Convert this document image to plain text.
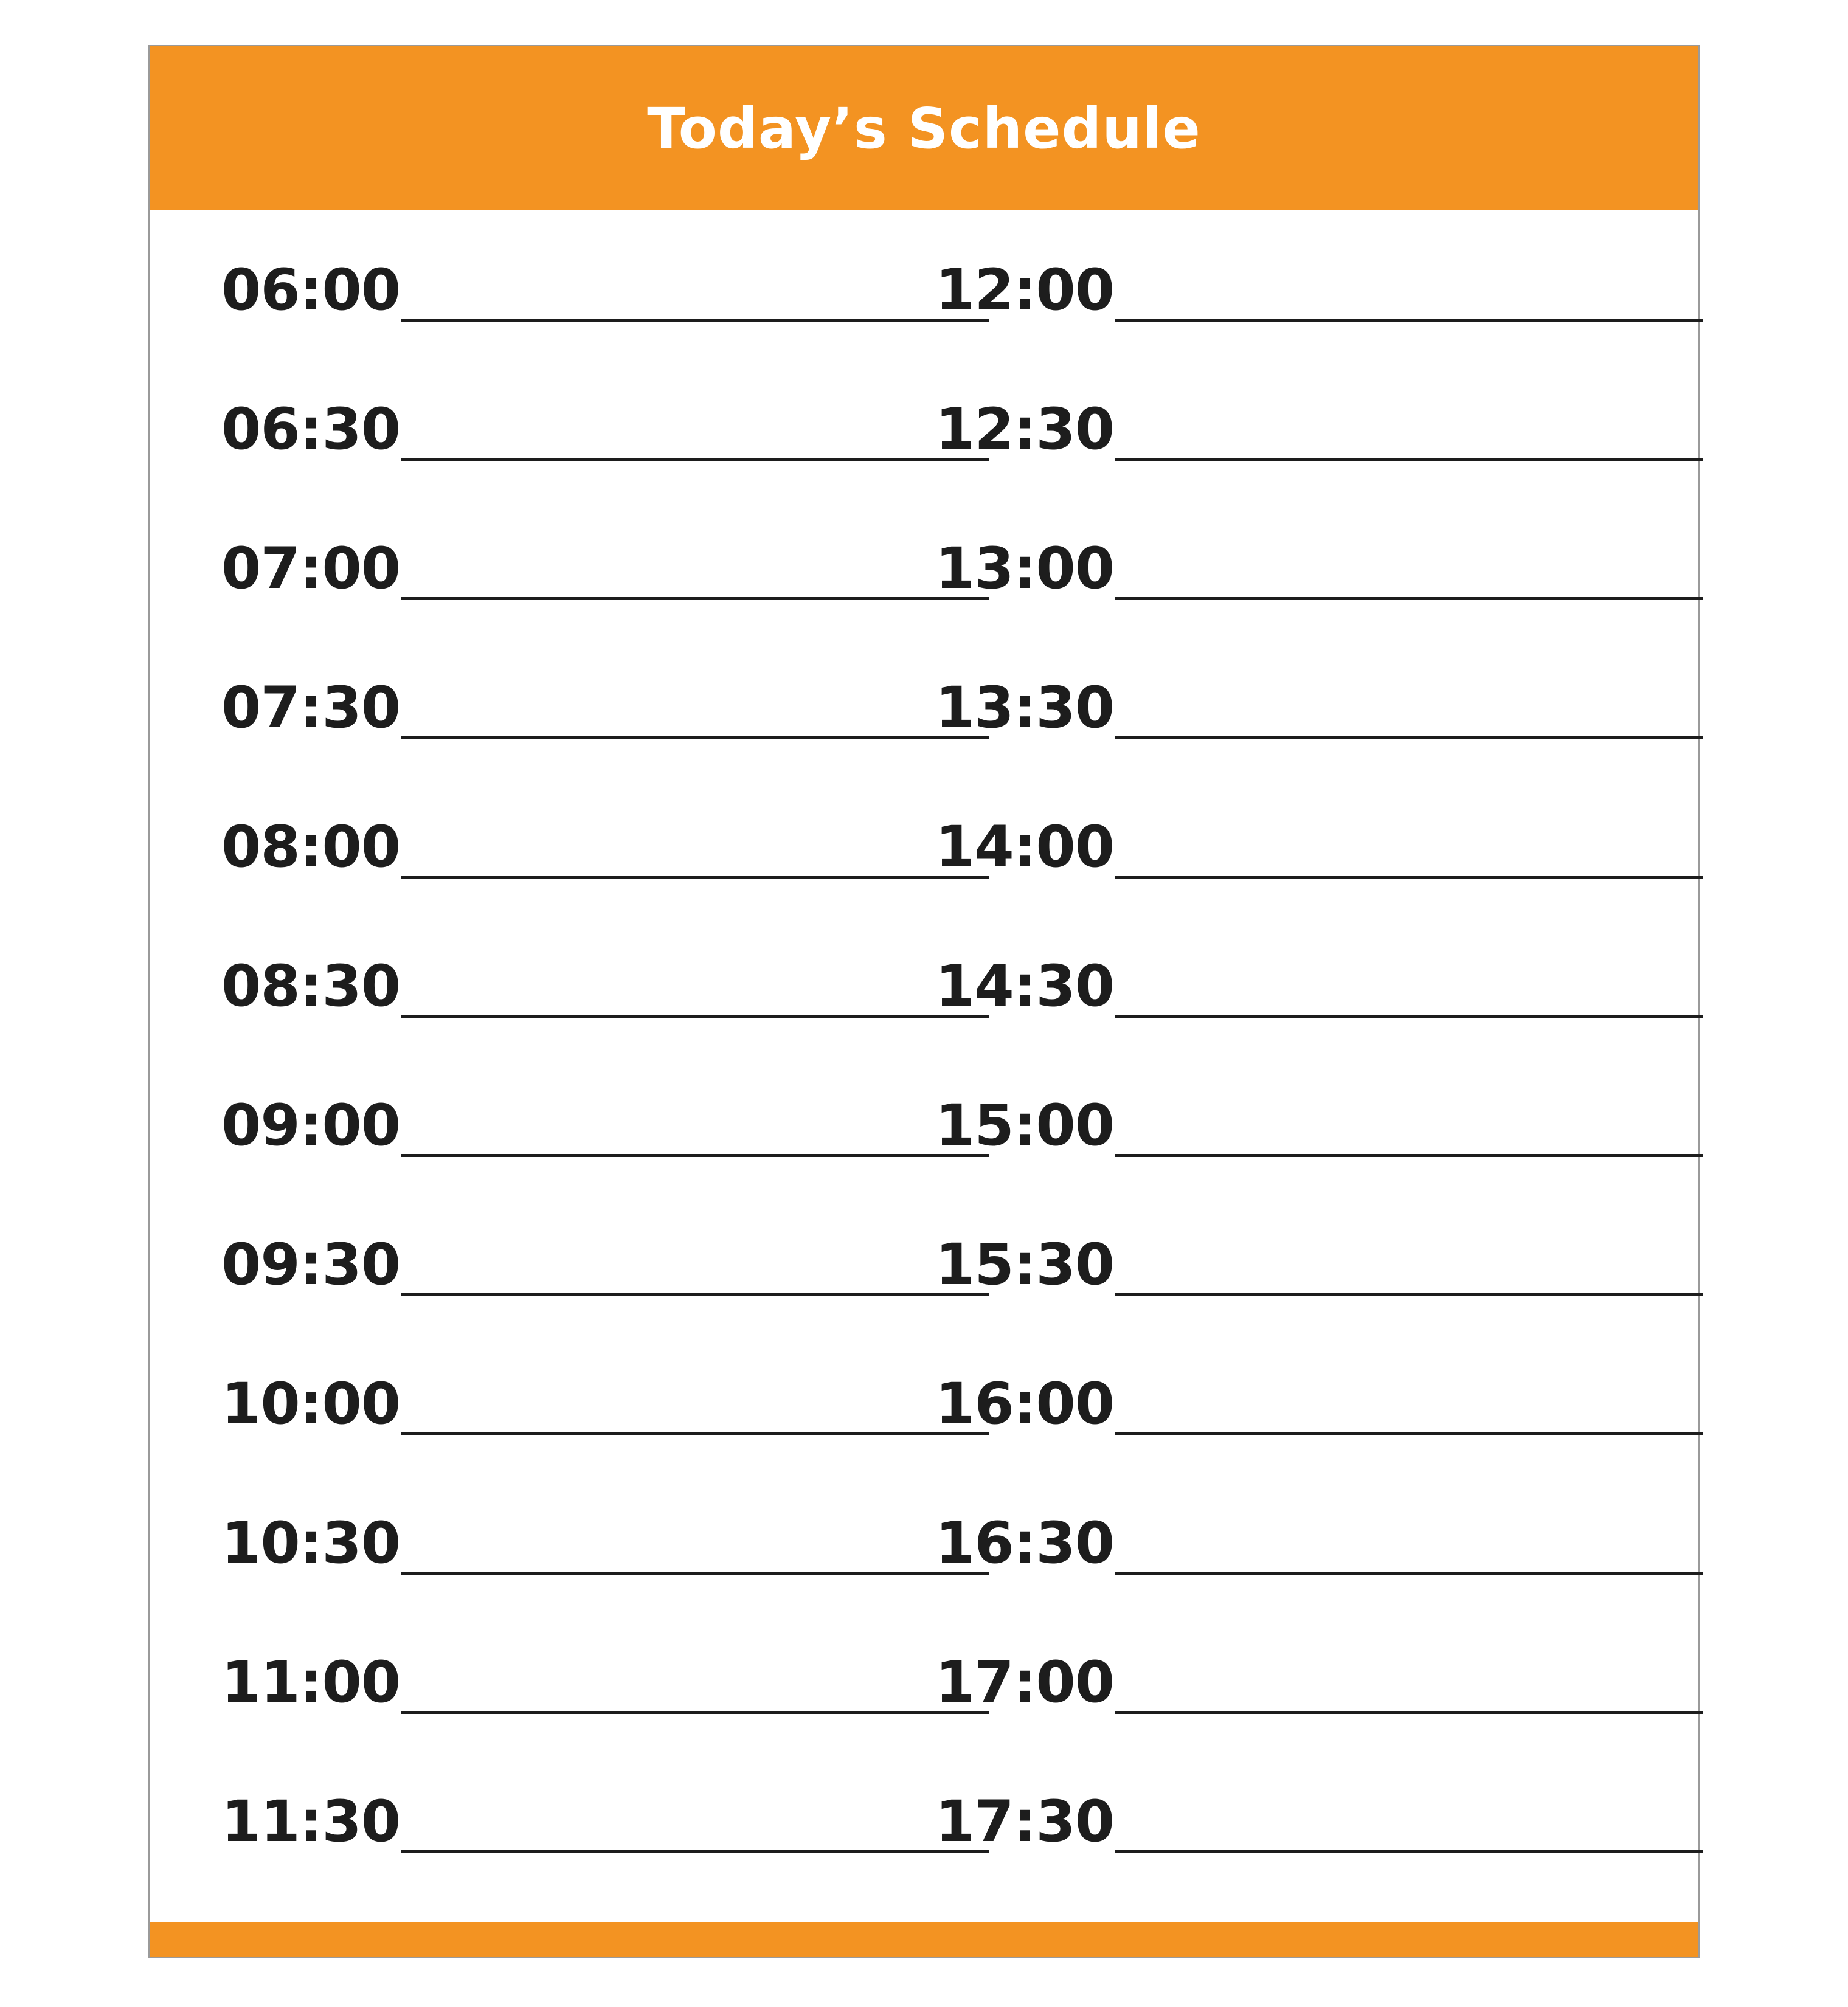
Today’s Schedule
06:00
06:30
07:00
07:30
08:00
08:30
09:00
09:30
10:00
10:30
11:00
11:30
12:00
12:30
13:00
13:30
14:00
14:30
15:00
15:30
16:00
16:30
17:00
17:30
